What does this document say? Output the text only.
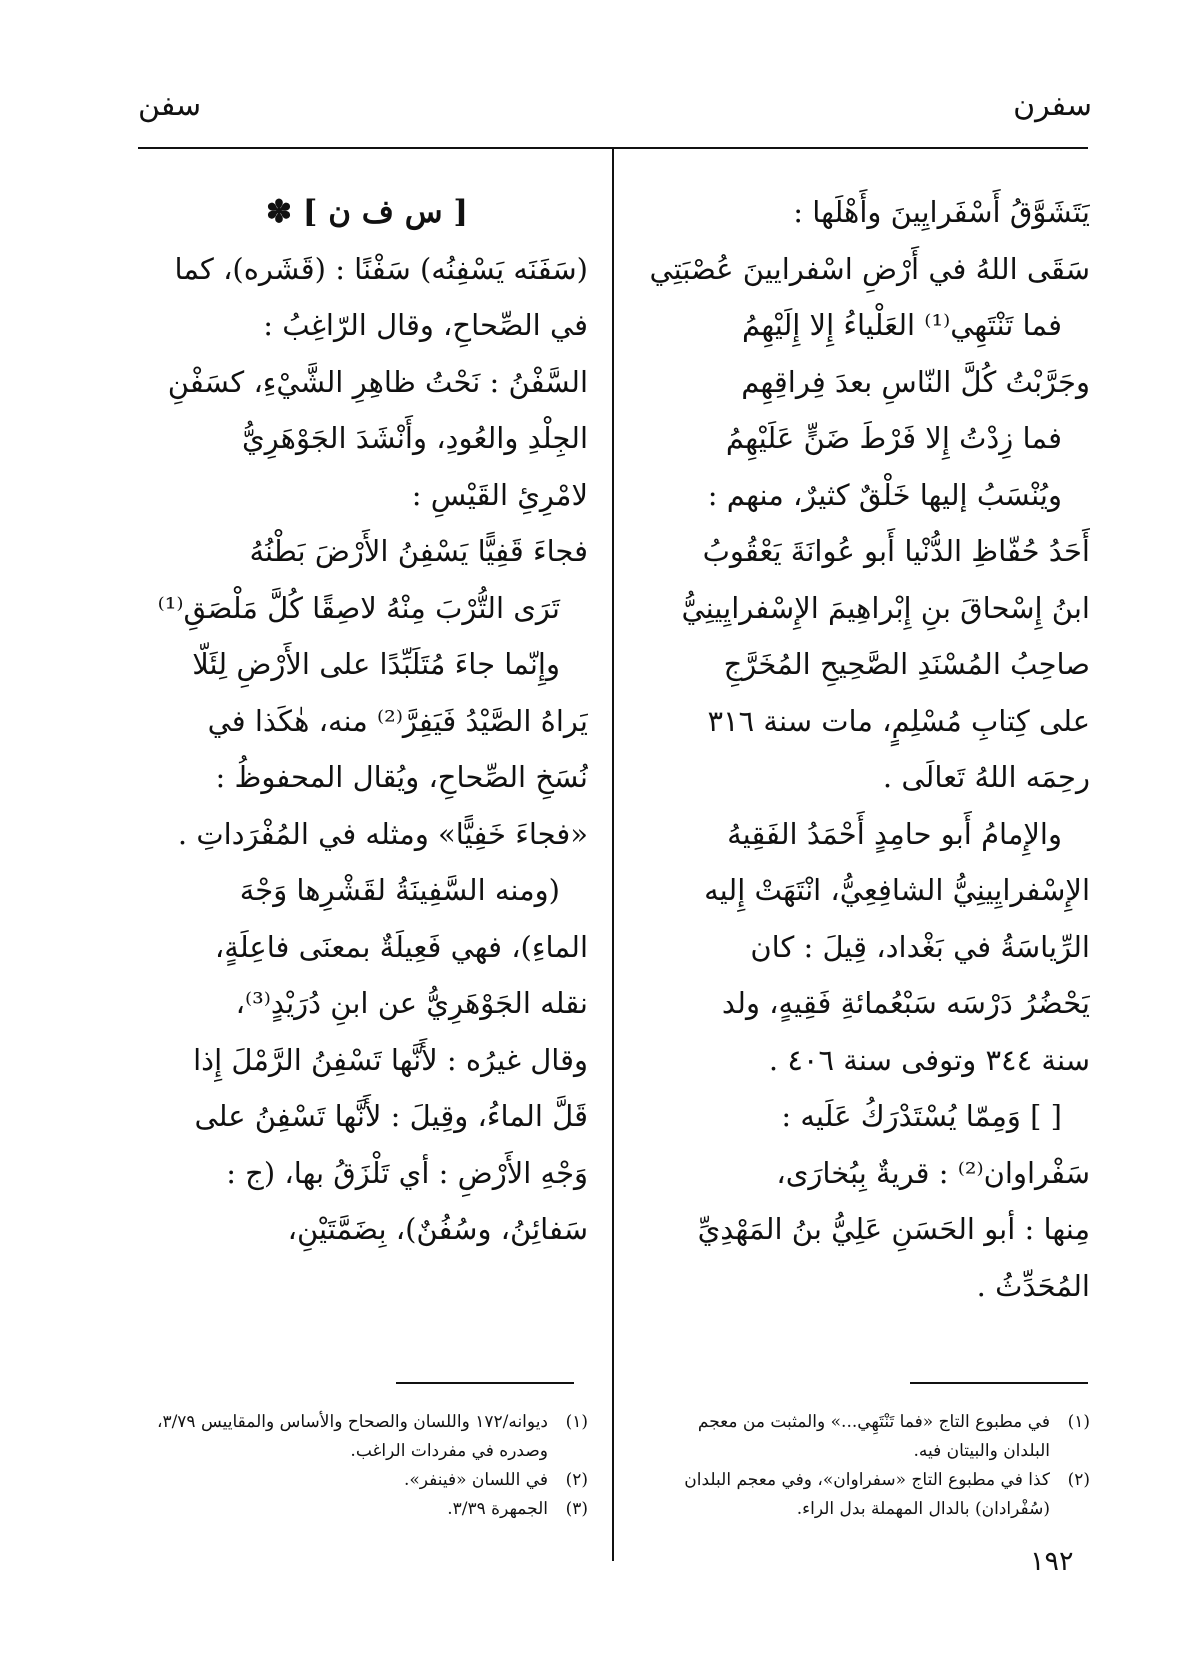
سفرن
سفن
يَتَشَوَّقُ أَسْفَرايِينَ وأَهْلَها :
سَقَى اللهُ في أَرْضِ اسْفرايينَ عُصْبَتِي
فما تَنْتَهِي⁽¹⁾ العَلْياءُ إِلا إِلَيْهِمُ
وجَرَّبْتُ كُلَّ النّاسِ بعدَ فِراقِهِم
فما زِدْتُ إِلا فَرْطَ ضَنٍّ عَلَيْهِمُ
ويُنْسَبُ إليها خَلْقٌ كثيرٌ، منهم :
أَحَدُ حُفّاظِ الدُّنْيا أَبو عُوانَةَ يَعْقُوبُ
ابنُ إِسْحاقَ بنِ إِبْراهِيمَ الإِسْفرايِينِيُّ
صاحِبُ المُسْنَدِ الصَّحِيحِ المُخَرَّجِ
على كِتابِ مُسْلِمٍ، مات سنة ٣١٦
رحِمَه اللهُ تَعالَى .
والإِمامُ أَبو حامِدٍ أَحْمَدُ الفَقِيهُ
الإِسْفرايِينِيُّ الشافِعِيُّ، انْتَهَتْ إِليه
الرِّياسَةُ في بَغْداد، قِيلَ : كان
يَحْضُرُ دَرْسَه سَبْعُمائةِ فَقِيهٍ، ولد
سنة ٣٤٤ وتوفى سنة ٤٠٦ .
[ ] وَمِمّا يُسْتَدْرَكُ عَلَيه :
سَفْراوان⁽²⁾ : قريةٌ بِبُخارَى،
مِنها : أبو الحَسَنِ عَلِيُّ بنُ المَهْدِيِّ
المُحَدِّثُ .
[ س ف ن ] ✽
(سَفَنَه يَسْفِنُه) سَفْنًا : (قَشَره)، كما
في الصِّحاحِ، وقال الرّاغِبُ :
السَّفْنُ : نَحْتُ ظاهِرِ الشَّيْءِ، كسَفْنِ
الجِلْدِ والعُودِ، وأَنْشَدَ الجَوْهَرِيُّ
لامْرِئِ القَيْسِ :
فجاءَ قَفِيًّا يَسْفِنُ الأَرْضَ بَطْنُهُ
تَرَى التُّرْبَ مِنْهُ لاصِقًا كُلَّ مَلْصَقِ⁽¹⁾
وإِنّما جاءَ مُتَلَبِّدًا على الأَرْضِ لِئَلّا
يَراهُ الصَّيْدُ فَيَفِرَّ⁽²⁾ منه، هٰكَذا في
نُسَخِ الصِّحاحِ، ويُقال المحفوظُ :
«فجاءَ خَفِيًّا» ومثله في المُفْرَداتِ .
(ومنه السَّفِينَةُ لقَشْرِها وَجْهَ
الماءِ)، فهي فَعِيلَةٌ بمعنَى فاعِلَةٍ،
نقله الجَوْهَرِيُّ عن ابنِ دُرَيْدٍ⁽³⁾،
وقال غيرُه : لأَنَّها تَسْفِنُ الرَّمْلَ إِذا
قَلَّ الماءُ، وقِيلَ : لأَنَّها تَسْفِنُ على
وَجْهِ الأَرْضِ : أي تَلْزَقُ بها، (ج :
سَفائِنُ، وسُفُنٌ)، بِضَمَّتَيْنِ،
(١)
في مطبوع التاج «فما تَنْتَهِي...» والمثبت من معجم البلدان والبيتان فيه.
(٢)
كذا في مطبوع التاج «سفراوان»، وفي معجم البلدان (سُفْرادان) بالدال المهملة بدل الراء.
(١)
ديوانه/١٧٢ واللسان والصحاح والأساس والمقاييس ٣/٧٩، وصدره في مفردات الراغب.
(٢)
في اللسان «فينفر».
(٣)
الجمهرة ٣/٣٩.
١٩٢
